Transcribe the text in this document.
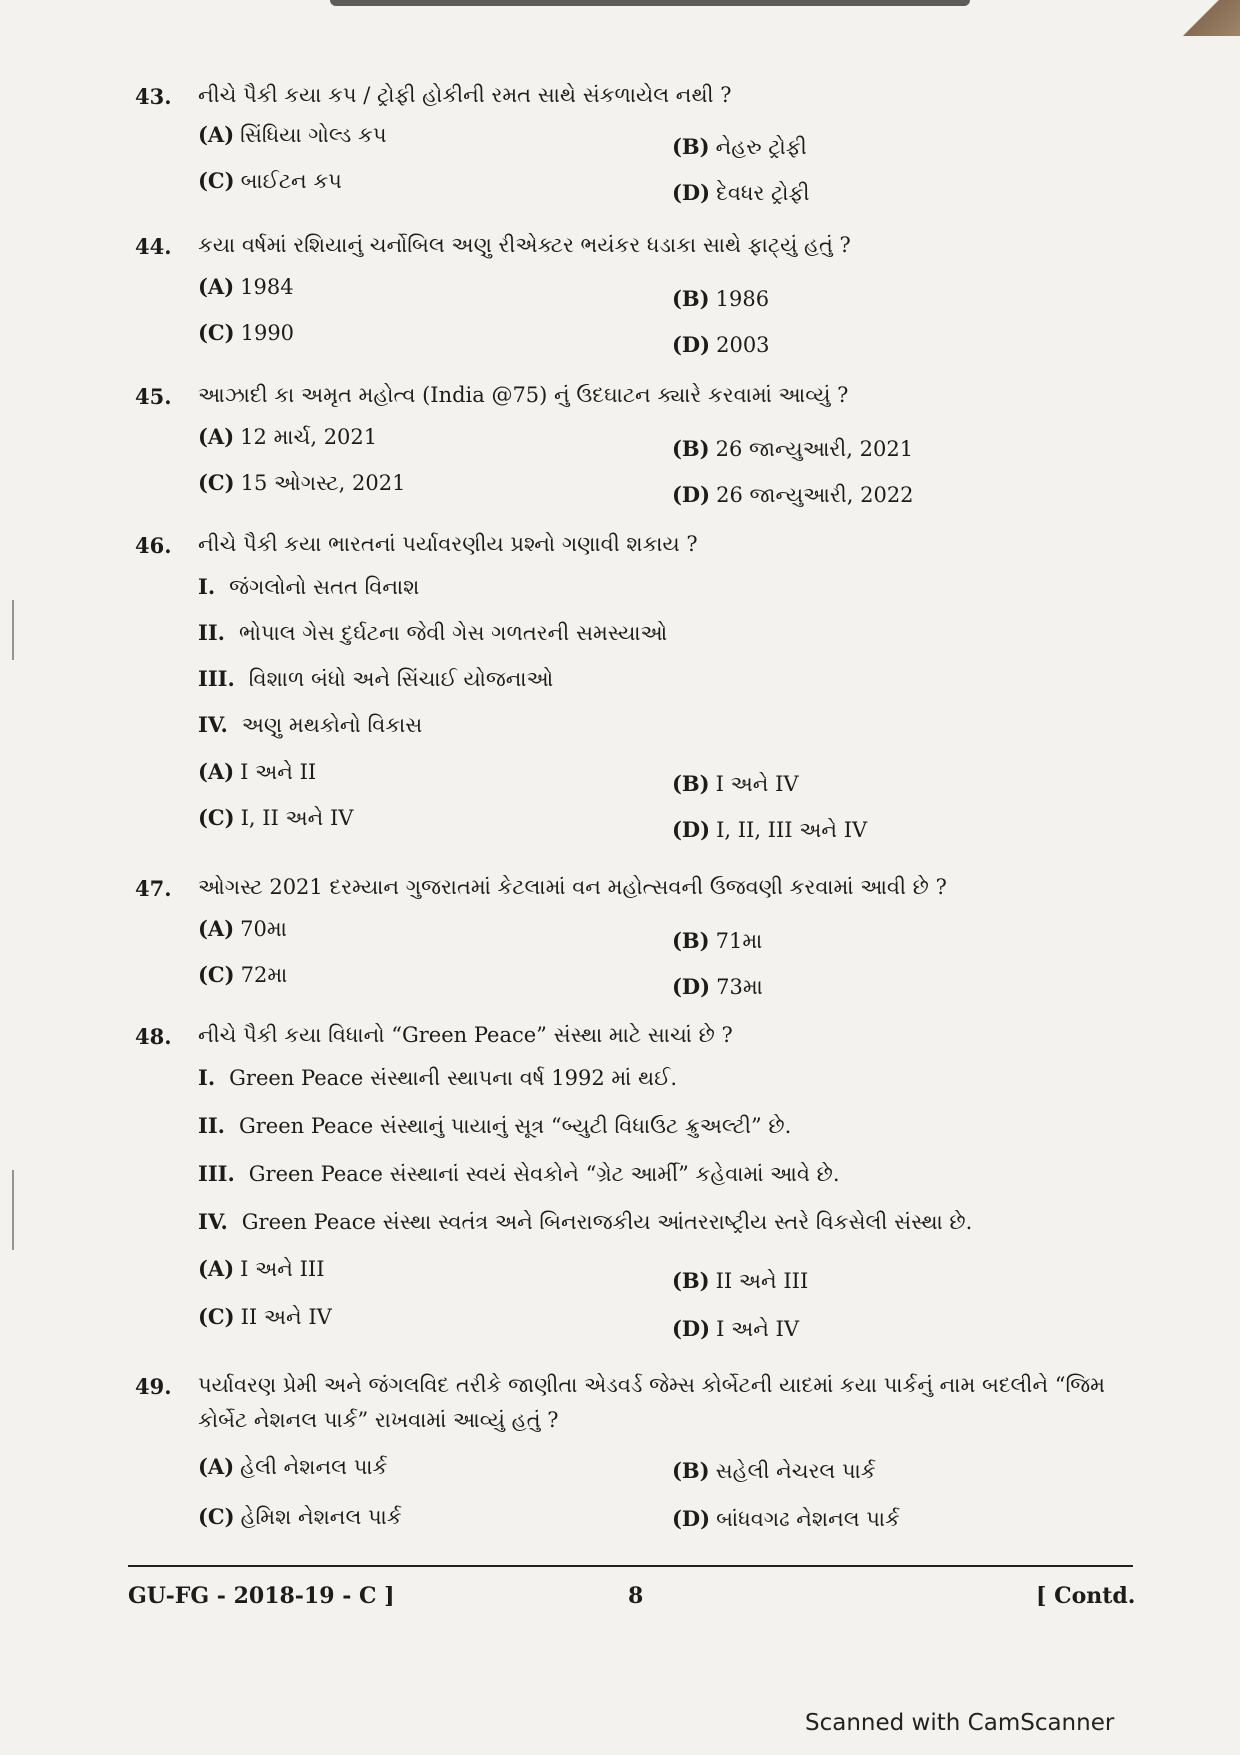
43. નીચે પૈકી કયા કપ / ટ્રોફી હોકીની રમત સાથે સંકળાયેલ નથી ?
(A) સિંધિયા ગોલ્ડ કપ	(B) નેહરુ ટ્રોફી
(C) બાઈટન કપ	(D) દેવધર ટ્રોફી
44. કયા વર્ષમાં રશિયાનું ચર્નોબિલ અણુ રીએક્ટર ભયંકર ધડાકા સાથે ફાટ્યું હતું ?
(A) 1984	(B) 1986
(C) 1990	(D) 2003
45. આઝાદી કા અમૃત મહોત્વ (India @75) નું ઉદઘાટન ક્યારે કરવામાં આવ્યું ?
(A) 12 માર્ચ, 2021	(B) 26 જાન્યુઆરી, 2021
(C) 15 ઓગસ્ટ, 2021	(D) 26 જાન્યુઆરી, 2022
46. નીચે પૈકી કયા ભારતનાં પર્યાવરણીય પ્રશ્નો ગણાવી શકાય ?
I. જંગલોનો સતત વિનાશ
II. ભોપાલ ગેસ દુર્ઘટના જેવી ગેસ ગળતરની સમસ્યાઓ
III. વિશાળ બંધો અને સિંચાઈ યોજનાઓ
IV. અણુ મથકોનો વિકાસ
(A) I અને II	(B) I અને IV
(C) I, II અને IV	(D) I, II, III અને IV
47. ઓગસ્ટ 2021 દરમ્યાન ગુજરાતમાં કેટલામાં વન મહોત્સવની ઉજવણી કરવામાં આવી છે ?
(A) 70મા	(B) 71મા
(C) 72મા	(D) 73મા
48. નીચે પૈકી કયા વિધાનો “Green Peace” સંસ્થા માટે સાચાં છે ?
I. Green Peace સંસ્થાની સ્થાપના વર્ષ 1992 માં થઈ.
II. Green Peace સંસ્થાનું પાયાનું સૂત્ર “બ્યુટી વિધાઉટ ક્રુઅલ્ટી” છે.
III. Green Peace સંસ્થાનાં સ્વયં સેવકોને “ગ્રેટ આર્મી” કહેવામાં આવે છે.
IV. Green Peace સંસ્થા સ્વતંત્ર અને બિનરાજકીય આંતરરાષ્ટ્રીય સ્તરે વિકસેલી સંસ્થા છે.
(A) I અને III	(B) II અને III
(C) II અને IV	(D) I અને IV
49. પર્યાવરણ પ્રેમી અને જંગલવિદ તરીકે જાણીતા એડવર્ડ જેમ્સ કોર્બેટની યાદમાં કયા પાર્કનું નામ બદલીને “જિમ કોર્બેટ નેશનલ પાર્ક” રાખવામાં આવ્યું હતું ?
(A) હેલી નેશનલ પાર્ક	(B) સહેલી નેચરલ પાર્ક
(C) હેમિશ નેશનલ પાર્ક	(D) બાંધવગઢ નેશનલ પાર્ક
GU-FG - 2018-19 - C ]	8	[ Contd.
Scanned with CamScanner
